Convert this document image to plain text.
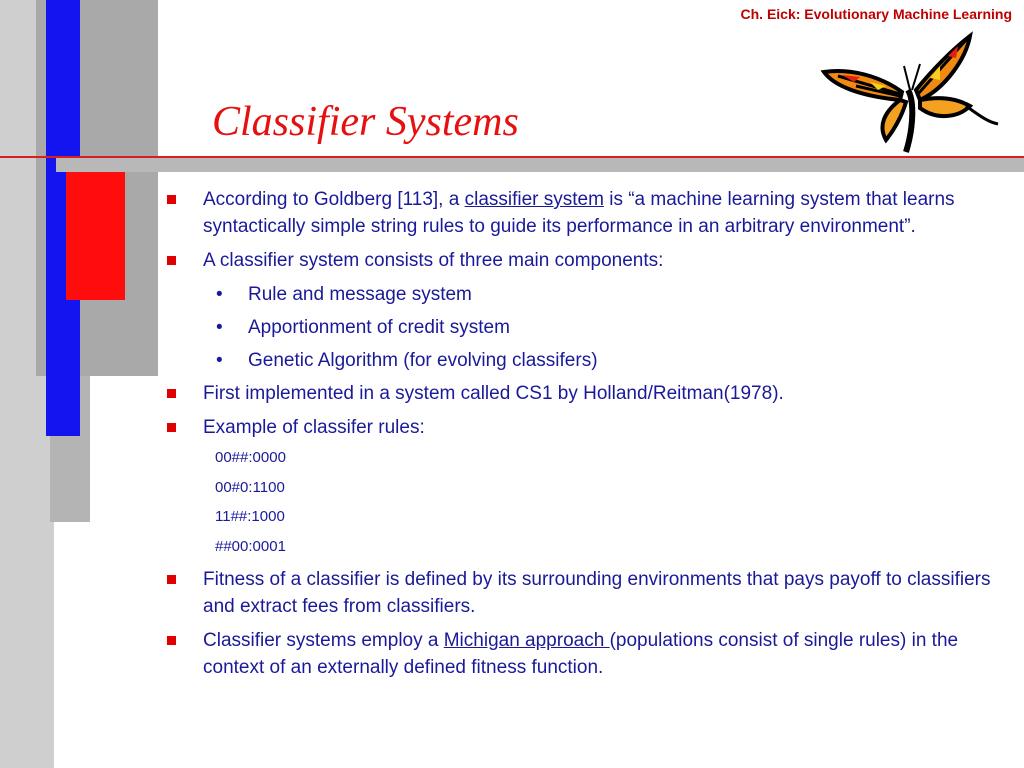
Ch. Eick: Evolutionary Machine Learning
Classifier Systems
According to Goldberg [113], a classifier system is “a machine learning system that learns syntactically simple string rules to guide its performance in an arbitrary environment”.
A classifier system consists of three main components:
• Rule and message system
• Apportionment of credit system
• Genetic Algorithm (for evolving classifers)
First implemented in a system called CS1 by Holland/Reitman(1978).
Example of classifer rules:
00##:0000
00#0:1100
11##:1000
##00:0001
Fitness of a classifier is defined by its surrounding environments that pays payoff to classifiers and extract fees from classifiers.
Classifier systems employ a Michigan approach (populations consist of single rules) in the context of an externally defined fitness function.
